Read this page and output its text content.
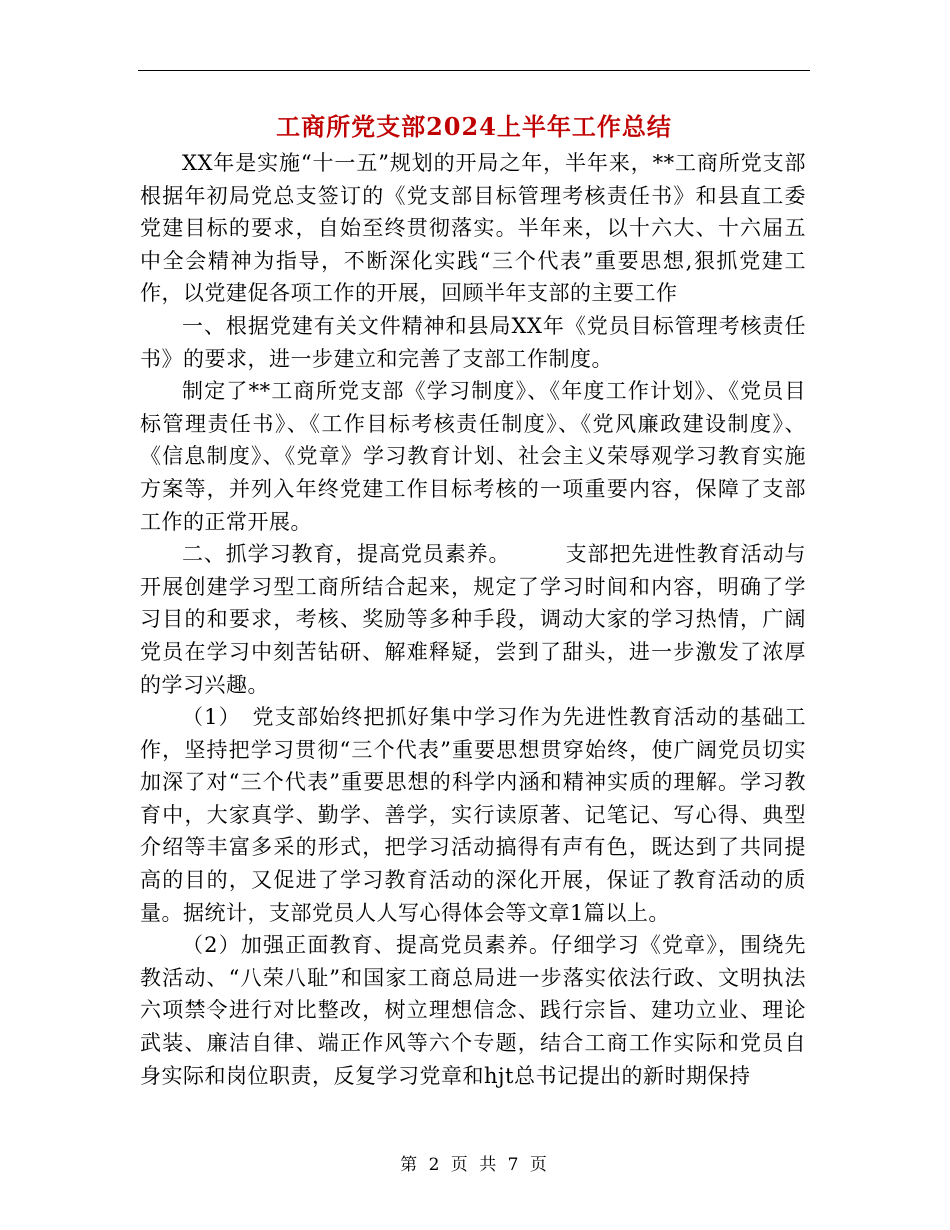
工商所党支部2024上半年工作总结

XX年是实施“十一五”规划的开局之年，半年来，**工商所党支部根据年初局党总支签订的《党支部目标管理考核责任书》和县直工委党建目标的要求，自始至终贯彻落实。半年来，以十六大、十六届五中全会精神为指导，不断深化实践“三个代表”重要思想,狠抓党建工作，以党建促各项工作的开展，回顾半年支部的主要工作

一、根据党建有关文件精神和县局XX年《党员目标管理考核责任书》的要求，进一步建立和完善了支部工作制度。

制定了**工商所党支部《学习制度》、《年度工作计划》、《党员目标管理责任书》、《工作目标考核责任制度》、《党风廉政建设制度》、《信息制度》、《党章》学习教育计划、社会主义荣辱观学习教育实施方案等，并列入年终党建工作目标考核的一项重要内容，保障了支部工作的正常开展。

二、抓学习教育，提高党员素养。　　　支部把先进性教育活动与开展创建学习型工商所结合起来，规定了学习时间和内容，明确了学习目的和要求，考核、奖励等多种手段，调动大家的学习热情，广阔党员在学习中刻苦钻研、解难释疑，尝到了甜头，进一步激发了浓厚的学习兴趣。

（1）　党支部始终把抓好集中学习作为先进性教育活动的基础工作，坚持把学习贯彻“三个代表”重要思想贯穿始终，使广阔党员切实加深了对“三个代表”重要思想的科学内涵和精神实质的理解。学习教育中，大家真学、勤学、善学，实行读原著、记笔记、写心得、典型介绍等丰富多采的形式，把学习活动搞得有声有色，既达到了共同提高的目的，又促进了学习教育活动的深化开展，保证了教育活动的质量。据统计，支部党员人人写心得体会等文章1篇以上。

（2）加强正面教育、提高党员素养。仔细学习《党章》，围绕先教活动、“八荣八耻”和国家工商总局进一步落实依法行政、文明执法六项禁令进行对比整改，树立理想信念、践行宗旨、建功立业、理论武装、廉洁自律、端正作风等六个专题，结合工商工作实际和党员自身实际和岗位职责，反复学习党章和hjt总书记提出的新时期保持

第 2 页 共 7 页
